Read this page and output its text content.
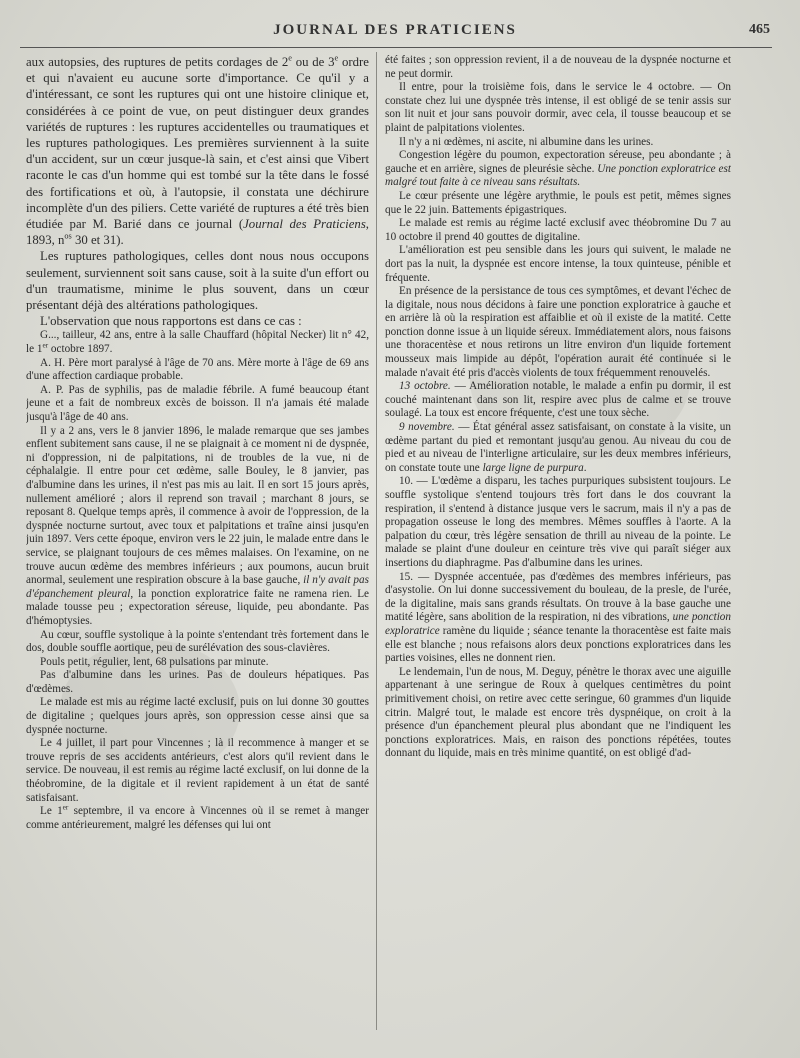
JOURNAL DES PRATICIENS	465

aux autopsies, des ruptures de petits cordages de 2e ou de 3e ordre et qui n'avaient eu aucune sorte d'importance. Ce qu'il y a d'intéressant, ce sont les ruptures qui ont une histoire clinique et, considérées à ce point de vue, on peut distinguer deux grandes variétés de ruptures : les ruptures accidentelles ou traumatiques et les ruptures pathologiques. Les premières surviennent à la suite d'un accident, sur un cœur jusque-là sain, et c'est ainsi que Vibert raconte le cas d'un homme qui est tombé sur la tête dans le fossé des fortifications et où, à l'autopsie, il constata une déchirure incomplète d'un des piliers. Cette variété de ruptures a été très bien étudiée par M. Barié dans ce journal (Journal des Praticiens, 1893, $n^{os}$ 30 et 31).

Les ruptures pathologiques, celles dont nous nous occupons seulement, surviennent soit sans cause, soit à la suite d'un effort ou d'un traumatisme, minime le plus souvent, dans un cœur présentant déjà des altérations pathologiques.

L'observation que nous rapportons est dans ce cas :

G..., tailleur, 42 ans, entre à la salle Chauffard (hôpital Necker) lit n° 42, le 1er octobre 1897.

A. H. Père mort paralysé à l'âge de 70 ans. Mère morte à l'âge de 69 ans d'une affection cardiaque probable.

A. P. Pas de syphilis, pas de maladie fébrile. A fumé beaucoup étant jeune et a fait de nombreux excès de boisson. Il n'a jamais été malade jusqu'à l'âge de 40 ans.

Il y a 2 ans, vers le 8 janvier 1896, le malade remarque que ses jambes enflent subitement sans cause, il ne se plaignait à ce moment ni de dyspnée, ni d'oppression, ni de palpitations, ni de troubles de la vue, ni de céphalalgie. Il entre pour cet œdème, salle Bouley, le 8 janvier, pas d'albumine dans les urines, il n'est pas mis au lait. Il en sort 15 jours après, nullement amélioré ; alors il reprend son travail ; marchant 8 jours, se reposant 8. Quelque temps après, il commence à avoir de l'oppression, de la dyspnée nocturne surtout, avec toux et palpitations et traîne ainsi jusqu'en juin 1897. Vers cette époque, environ vers le 22 juin, le malade entre dans le service, se plaignant toujours de ces mêmes malaises. On l'examine, on ne trouve aucun œdème des membres inférieurs ; aux poumons, aucun bruit anormal, seulement une respiration obscure à la base gauche, il n'y avait pas d'épanchement pleural, la ponction exploratrice faite ne ramena rien. Le malade tousse peu ; expectoration séreuse, liquide, peu abondante. Pas d'hémoptysies.

Au cœur, souffle systolique à la pointe s'entendant très fortement dans le dos, double souffle aortique, peu de surélévation des sous-clavières.

Pouls petit, régulier, lent, 68 pulsations par minute.

Pas d'albumine dans les urines. Pas de douleurs hépatiques. Pas d'œdèmes.

Le malade est mis au régime lacté exclusif, puis on lui donne 30 gouttes de digitaline ; quelques jours après, son oppression cesse ainsi que sa dyspnée nocturne.

Le 4 juillet, il part pour Vincennes ; là il recommence à manger et se trouve repris de ses accidents antérieurs, c'est alors qu'il revient dans le service. De nouveau, il est remis au régime lacté exclusif, on lui donne de la théobromine, de la digitale et il revient rapidement à un état de santé satisfaisant.

Le 1er septembre, il va encore à Vincennes où il se remet à manger comme antérieurement, malgré les défenses qui lui ont

été faites ; son oppression revient, il a de nouveau de la dyspnée nocturne et ne peut dormir.

Il entre, pour la troisième fois, dans le service le 4 octobre. — On constate chez lui une dyspnée très intense, il est obligé de se tenir assis sur son lit nuit et jour sans pouvoir dormir, avec cela, il tousse beaucoup et se plaint de palpitations violentes.

Il n'y a ni œdèmes, ni ascite, ni albumine dans les urines.

Congestion légère du poumon, expectoration séreuse, peu abondante ; à gauche et en arrière, signes de pleurésie sèche. Une ponction exploratrice est malgré tout faite à ce niveau sans résultats.

Le cœur présente une légère arythmie, le pouls est petit, mêmes signes que le 22 juin. Battements épigastriques.

Le malade est remis au régime lacté exclusif avec théobromine Du 7 au 10 octobre il prend 40 gouttes de digitaline.

L'amélioration est peu sensible dans les jours qui suivent, le malade ne dort pas la nuit, la dyspnée est encore intense, la toux quinteuse, pénible et fréquente.

En présence de la persistance de tous ces symptômes, et devant l'échec de la digitale, nous nous décidons à faire une ponction exploratrice à gauche et en arrière là où la respiration est affaiblie et où il existe de la matité. Cette ponction donne issue à un liquide séreux. Immédiatement alors, nous faisons une thoracentèse et nous retirons un litre environ d'un liquide fortement mousseux mais limpide au dépôt, l'opération aurait été continuée si le malade n'avait été pris d'accès violents de toux fréquemment renouvelés.

13 octobre. — Amélioration notable, le malade a enfin pu dormir, il est couché maintenant dans son lit, respire avec plus de calme et se trouve soulagé. La toux est encore fréquente, c'est une toux sèche.

9 novembre. — État général assez satisfaisant, on constate à la visite, un œdème partant du pied et remontant jusqu'au genou. Au niveau du cou de pied et au niveau de l'interligne articulaire, sur les deux membres inférieurs, on constate toute une large ligne de purpura.

10. — L'œdème a disparu, les taches purpuriques subsistent toujours. Le souffle systolique s'entend toujours très fort dans le dos couvrant la respiration, il s'entend à distance jusque vers le sacrum, mais il n'y a pas de propagation osseuse le long des membres. Mêmes souffles à l'aorte. A la palpation du cœur, très légère sensation de thrill au niveau de la pointe. Le malade se plaint d'une douleur en ceinture très vive qui paraît siéger aux insertions du diaphragme. Pas d'albumine dans les urines.

15. — Dyspnée accentuée, pas d'œdèmes des membres inférieurs, pas d'asystolie. On lui donne successivement du bouleau, de la presle, de l'urée, de la digitaline, mais sans grands résultats. On trouve à la base gauche une matité légère, sans abolition de la respiration, ni des vibrations, une ponction exploratrice ramène du liquide ; séance tenante la thoracentèse est faite mais elle est blanche ; nous refaisons alors deux ponctions exploratrices dans les parties voisines, elles ne donnent rien.

Le lendemain, l'un de nous, M. Deguy, pénètre le thorax avec une aiguille appartenant à une seringue de Roux à quelques centimètres du point primitivement choisi, on retire avec cette seringue, 60 grammes d'un liquide citrin. Malgré tout, le malade est encore très dyspnéique, on croit à la présence d'un épanchement pleural plus abondant que ne l'indiquent les ponctions exploratrices. Mais, en raison des ponctions répétées, toutes donnant du liquide, mais en très minime quantité, on est obligé d'ad-
